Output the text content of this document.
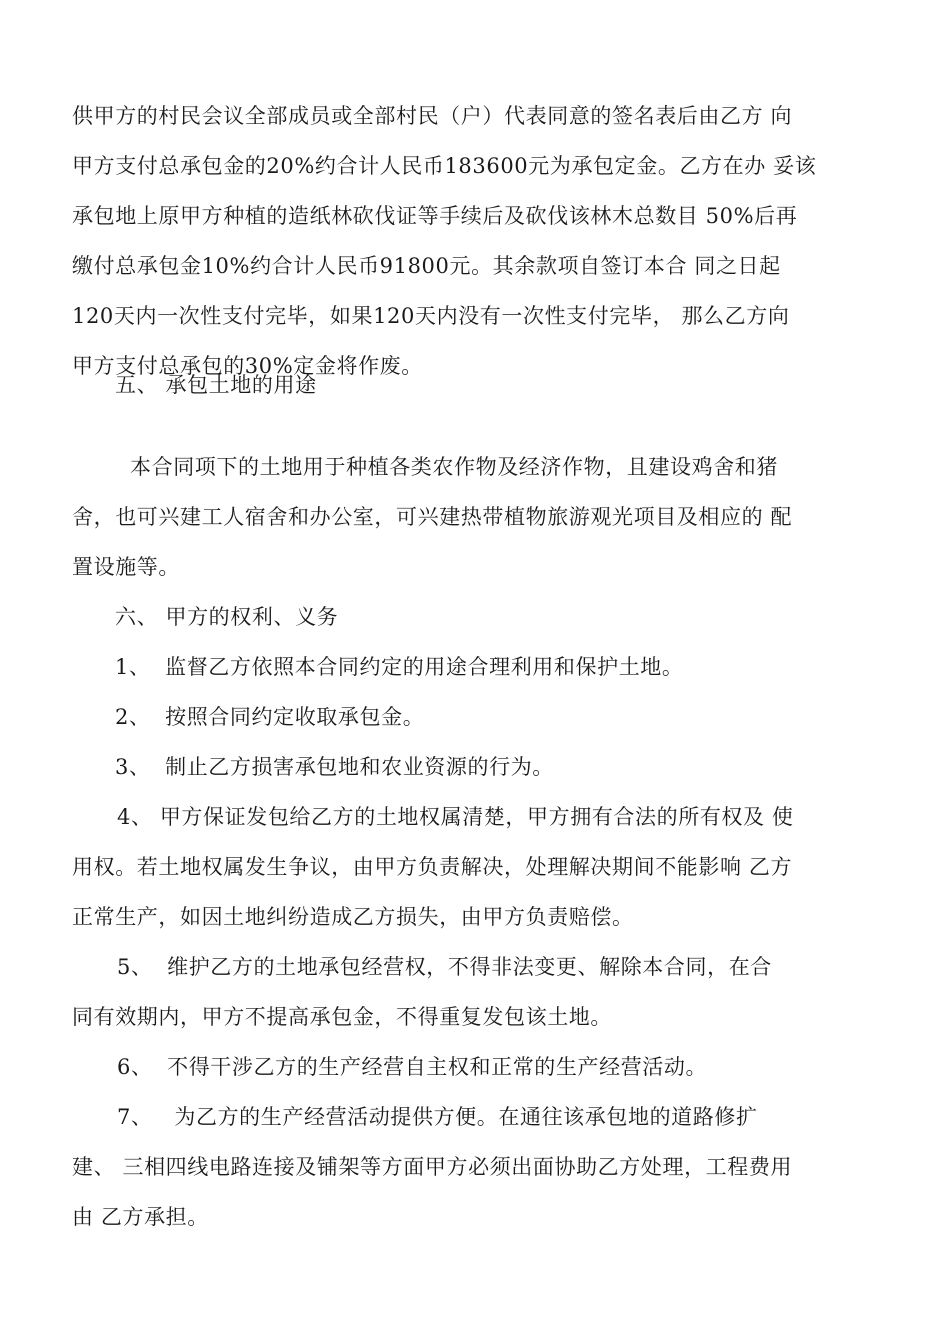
供甲方的村民会议全部成员或全部村民（户）代表同意的签名表后由乙方 向
甲方支付总承包金的20%约合计人民币183600元为承包定金。乙方在办 妥该
承包地上原甲方种植的造纸林砍伐证等手续后及砍伐该林木总数目 50%后再
缴付总承包金10%约合计人民币91800元。其余款项自签订本合 同之日起
120天内一次性支付完毕，如果120天内没有一次性支付完毕， 那么乙方向
甲方支付总承包的30%定金将作废。
五、 承包土地的用途
本合同项下的土地用于种植各类农作物及经济作物，且建设鸡舍和猪
舍，也可兴建工人宿舍和办公室，可兴建热带植物旅游观光项目及相应的 配
置设施等。
六、 甲方的权利、义务
1、  监督乙方依照本合同约定的用途合理利用和保护土地。
2、  按照合同约定收取承包金。
3、  制止乙方损害承包地和农业资源的行为。
4、 甲方保证发包给乙方的土地权属清楚，甲方拥有合法的所有权及 使
用权。若土地权属发生争议，由甲方负责解决，处理解决期间不能影响 乙方
正常生产，如因土地纠纷造成乙方损失，由甲方负责赔偿。
5、  维护乙方的土地承包经营权，不得非法变更、解除本合同，在合
同有效期内，甲方不提高承包金，不得重复发包该土地。
6、  不得干涉乙方的生产经营自主权和正常的生产经营活动。
7、   为乙方的生产经营活动提供方便。在通往该承包地的道路修扩
建、 三相四线电路连接及铺架等方面甲方必须出面协助乙方处理，工程费用
由 乙方承担。
